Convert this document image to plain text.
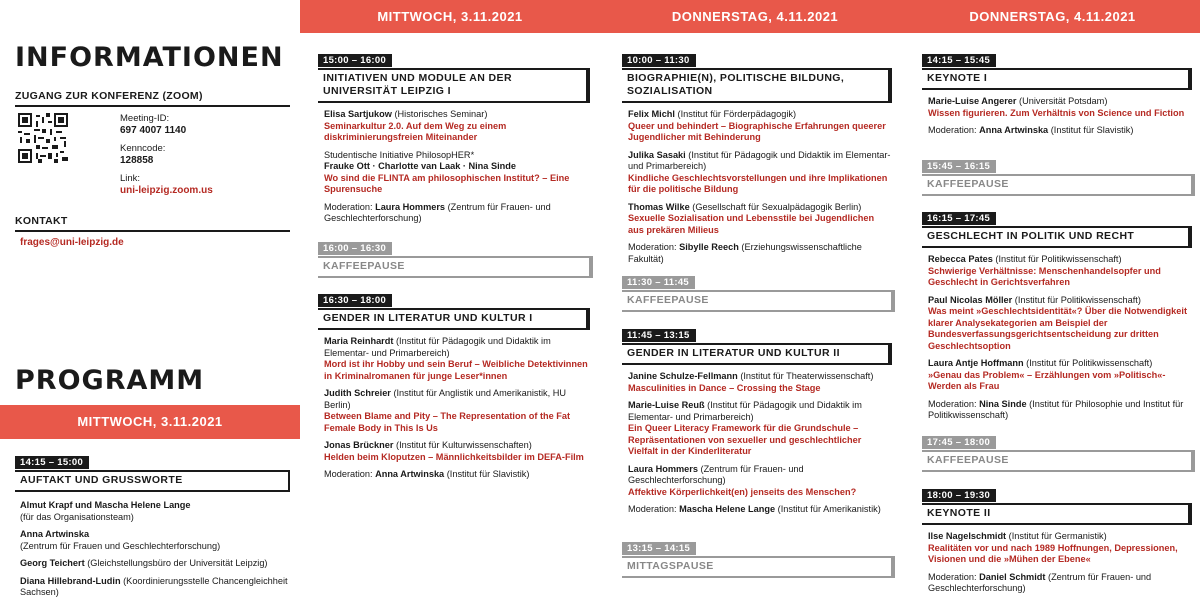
MITTWOCH, 3.11.2021	DONNERSTAG, 4.11.2021	DONNERSTAG, 4.11.2021
INFORMATIONEN
ZUGANG ZUR KONFERENZ (ZOOM)
Meeting-ID:
697 4007 1140
Kenncode:
128858
Link:
uni-leipzig.zoom.us
KONTAKT
frages@uni-leipzig.de
PROGRAMM
MITTWOCH, 3.11.2021
14:15 – 15:00
AUFTAKT UND GRUSSWORTE
Almut Krapf und Mascha Helene Lange
(für das Organisationsteam)
Anna Artwinska
(Zentrum für Frauen und Geschlechterforschung)
Georg Teichert (Gleichstellungsbüro der Universität Leipzig)
Diana Hillebrand-Ludin (Koordinierungsstelle Chancengleichheit Sachsen)
15:00 – 16:00
INITIATIVEN UND MODULE AN DER UNIVERSITÄT LEIPZIG I
Elisa Sartjukow (Historisches Seminar)
Seminarkultur 2.0. Auf dem Weg zu einem diskriminierungsfreien Miteinander
Studentische Initiative PhilosopHER*
Frauke Ott · Charlotte van Laak · Nina Sinde
Wo sind die FLINTA am philosophischen Institut? – Eine Spurensuche
Moderation: Laura Hommers (Zentrum für Frauen- und Geschlechterforschung)
16:00 – 16:30
KAFFEEPAUSE
16:30 – 18:00
GENDER IN LITERATUR UND KULTUR I
Maria Reinhardt (Institut für Pädagogik und Didaktik im Elementar- und Primarbereich)
Mord ist ihr Hobby und sein Beruf – Weibliche Detektivinnen in Kriminalromanen für junge Leser*innen
Judith Schreier (Institut für Anglistik und Amerikanistik, HU Berlin)
Between Blame and Pity – The Representation of the Fat Female Body in This Is Us
Jonas Brückner (Institut für Kulturwissenschaften)
Helden beim Kloputzen – Männlichkeitsbilder im DEFA-Film
Moderation: Anna Artwinska (Institut für Slavistik)
10:00 – 11:30
BIOGRAPHIE(N), POLITISCHE BILDUNG, SOZIALISATION
Felix Michl (Institut für Förderpädagogik)
Queer und behindert – Biographische Erfahrungen queerer Jugendlicher mit Behinderung
Julika Sasaki (Institut für Pädagogik und Didaktik im Elementar- und Primarbereich)
Kindliche Geschlechtsvorstellungen und ihre Implikationen für die politische Bildung
Thomas Wilke (Gesellschaft für Sexualpädagogik Berlin)
Sexuelle Sozialisation und Lebensstile bei Jugendlichen aus prekären Milieus
Moderation: Sibylle Reech (Erziehungswissenschaftliche Fakultät)
11:30 – 11:45
KAFFEEPAUSE
11:45 – 13:15
GENDER IN LITERATUR UND KULTUR II
Janine Schulze-Fellmann (Institut für Theaterwissenschaft)
Masculinities in Dance – Crossing the Stage
Marie-Luise Reuß (Institut für Pädagogik und Didaktik im Elementar- und Primarbereich)
Ein Queer Literacy Framework für die Grundschule – Repräsentationen von sexueller und geschlechtlicher Vielfalt in der Kinderliteratur
Laura Hommers (Zentrum für Frauen- und Geschlechterforschung)
Affektive Körperlichkeit(en) jenseits des Menschen?
Moderation: Mascha Helene Lange (Institut für Amerikanistik)
13:15 – 14:15
MITTAGSPAUSE
14:15 – 15:45
KEYNOTE I
Marie-Luise Angerer (Universität Potsdam)
Wissen figurieren. Zum Verhältnis von Science und Fiction
Moderation: Anna Artwinska (Institut für Slavistik)
15:45 – 16:15
KAFFEEPAUSE
16:15 – 17:45
GESCHLECHT IN POLITIK UND RECHT
Rebecca Pates (Institut für Politikwissenschaft)
Schwierige Verhältnisse: Menschenhandelsopfer und Geschlecht in Gerichtsverfahren
Paul Nicolas Möller (Institut für Politikwissenschaft)
Was meint »Geschlechtsidentität«? Über die Notwendigkeit klarer Analysekategorien am Beispiel der Bundesverfassungsgerichtsentscheidung zur dritten Geschlechtsoption
Laura Antje Hoffmann (Institut für Politikwissenschaft)
»Genau das Problem« – Erzählungen vom »Politisch«-Werden als Frau
Moderation: Nina Sinde (Institut für Philosophie und Institut für Politikwissenschaft)
17:45 – 18:00
KAFFEEPAUSE
18:00 – 19:30
KEYNOTE II
Ilse Nagelschmidt (Institut für Germanistik)
Realitäten vor und nach 1989 Hoffnungen, Depressionen, Visionen und die »Mühen der Ebene«
Moderation: Daniel Schmidt (Zentrum für Frauen- und Geschlechterforschung)
